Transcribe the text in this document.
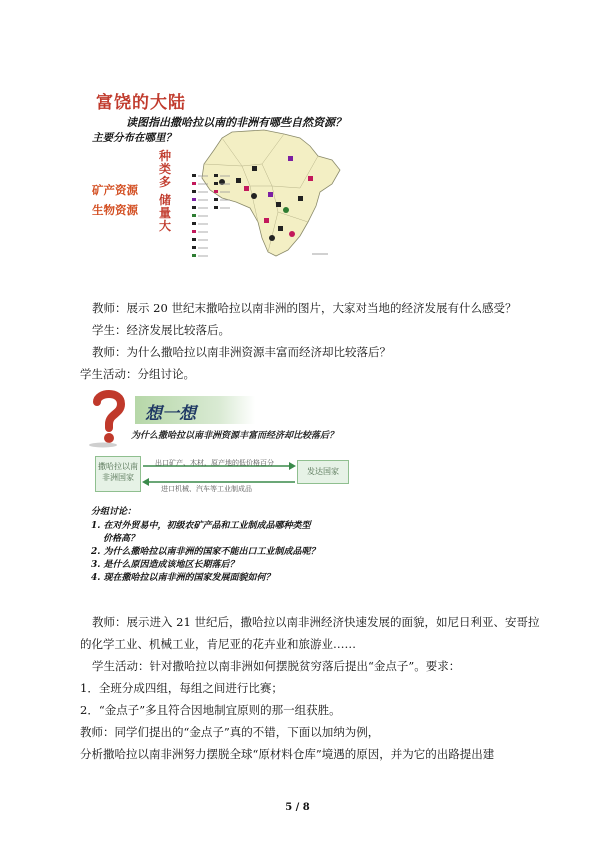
富饶的大陆
读图指出撒哈拉以南的非洲有哪些自然资源？
主要分布在哪里？
矿产资源
生物资源
种类多
储量大
教师：展示 20 世纪末撒哈拉以南非洲的图片，大家对当地的经济发展有什么感受？
学生：经济发展比较落后。
教师：为什么撒哈拉以南非洲资源丰富而经济却比较落后？
学生活动：分组讨论。
想一想
为什么撒哈拉以南非洲资源丰富而经济却比较落后？
撒哈拉以南非洲国家
发达国家
出口矿产、木材，原产地的低价格百分
进口机械、汽车等工业制成品
分组讨论：
1. 在对外贸易中，初级农矿产品和工业制成品哪种类型
价格高？
2. 为什么撒哈拉以南非洲的国家不能出口工业制成品呢？
3. 是什么原因造成该地区长期落后？
4. 现在撒哈拉以南非洲的国家发展面貌如何？
教师：展示进入 21 世纪后，撒哈拉以南非洲经济快速发展的面貌，如尼日利亚、安哥拉
的化学工业、机械工业，肯尼亚的花卉业和旅游业……
学生活动：针对撒哈拉以南非洲如何摆脱贫穷落后提出“金点子”。要求：
1．全班分成四组，每组之间进行比赛；
2．“金点子”多且符合因地制宜原则的那一组获胜。
教师：同学们提出的“金点子”真的不错，下面以加纳为例，
分析撒哈拉以南非洲努力摆脱全球“原材料仓库”境遇的原因，并为它的出路提出建
5 / 8
